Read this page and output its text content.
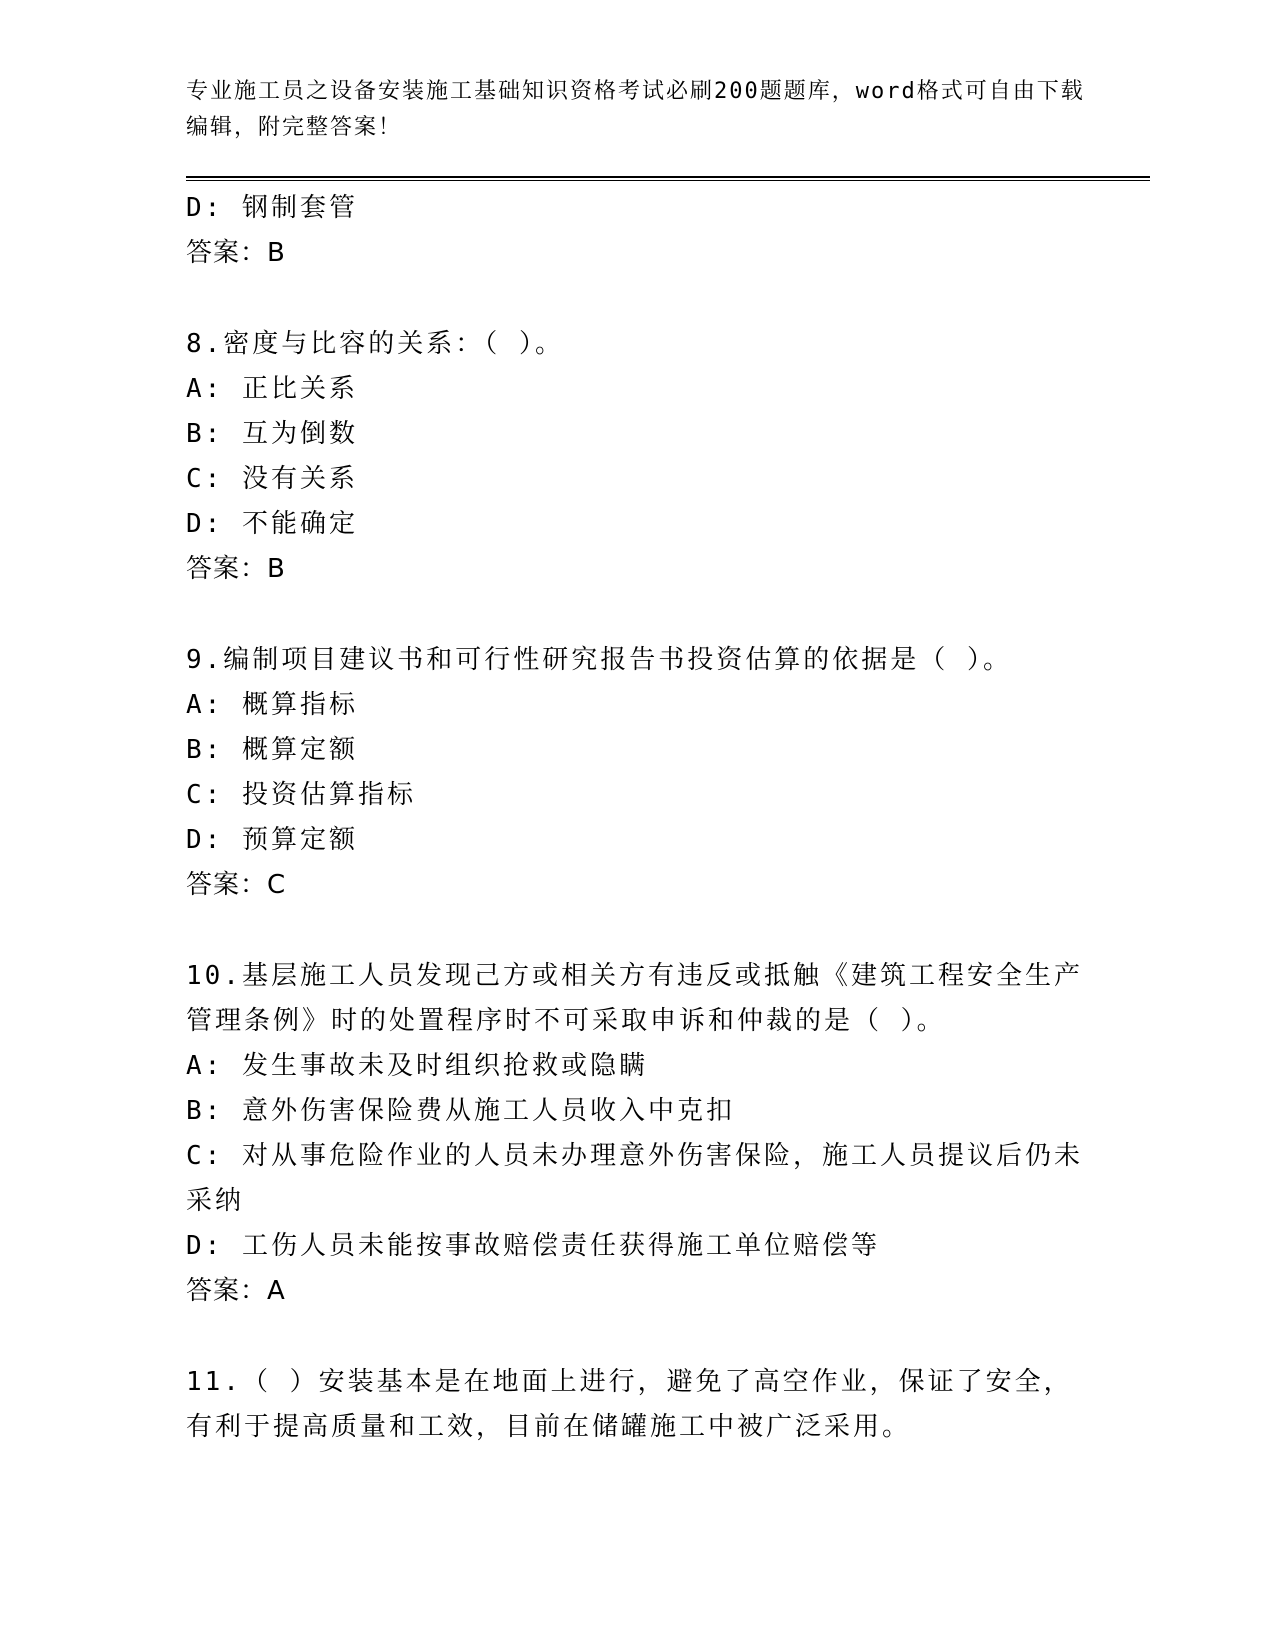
专业施工员之设备安装施工基础知识资格考试必刷200题题库，word格式可自由下载编辑，附完整答案！
D: 钢制套管
答案：B
8.密度与比容的关系：（ ）。
A: 正比关系
B: 互为倒数
C: 没有关系
D: 不能确定
答案：B
9.编制项目建议书和可行性研究报告书投资估算的依据是（ ）。
A: 概算指标
B: 概算定额
C: 投资估算指标
D: 预算定额
答案：C
10.基层施工人员发现己方或相关方有违反或抵触《建筑工程安全生产管理条例》时的处置程序时不可采取申诉和仲裁的是（ ）。
A: 发生事故未及时组织抢救或隐瞒
B: 意外伤害保险费从施工人员收入中克扣
C: 对从事危险作业的人员未办理意外伤害保险，施工人员提议后仍未采纳
D: 工伤人员未能按事故赔偿责任获得施工单位赔偿等
答案：A
11.（ ）安装基本是在地面上进行，避免了高空作业，保证了安全，有利于提高质量和工效，目前在储罐施工中被广泛采用。
